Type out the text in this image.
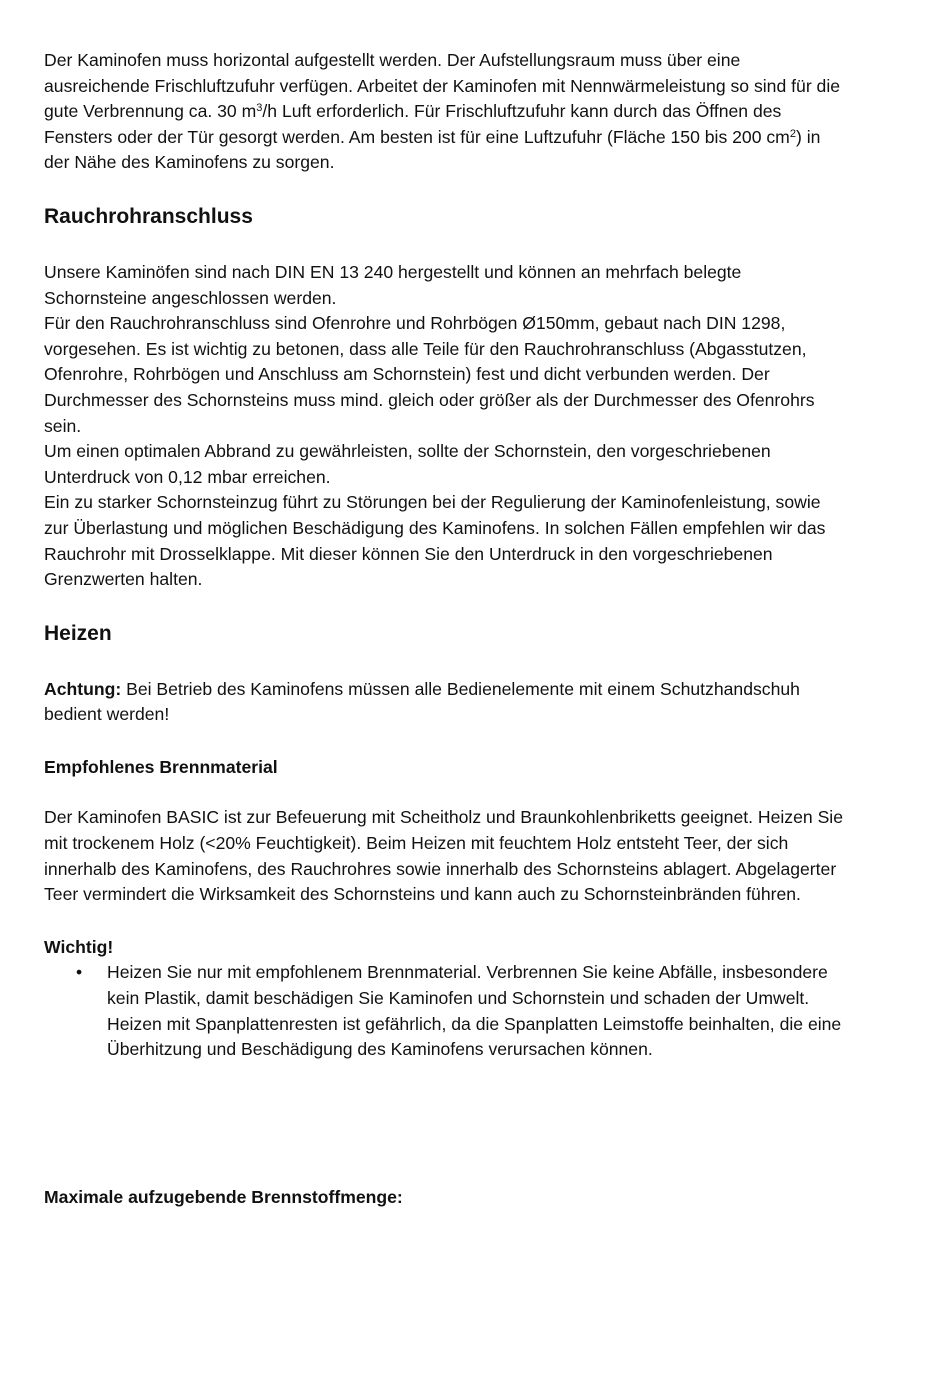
Der Kaminofen muss horizontal aufgestellt werden. Der Aufstellungsraum muss über eine ausreichende Frischluftzufuhr verfügen. Arbeitet der Kaminofen mit Nennwärmeleistung so sind für die gute Verbrennung ca. 30 $m^3/h$ Luft erforderlich. Für Frischluftzufuhr kann durch das Öffnen des Fensters oder der Tür gesorgt werden. Am besten ist für eine Luftzufuhr (Fläche 150 bis 200 $cm^2$) in der Nähe des Kaminofens zu sorgen.

Rauchrohranschluss

Unsere Kaminöfen sind nach DIN EN 13 240 hergestellt und können an mehrfach belegte Schornsteine angeschlossen werden.

Für den Rauchrohranschluss sind Ofenrohre und Rohrbögen Ø150mm, gebaut nach DIN 1298, vorgesehen. Es ist wichtig zu betonen, dass alle Teile für den Rauchrohranschluss (Abgasstutzen, Ofenrohre, Rohrbögen und Anschluss am Schornstein) fest und dicht verbunden werden. Der Durchmesser des Schornsteins muss mind. gleich oder größer als der Durchmesser des Ofenrohrs sein.

Um einen optimalen Abbrand zu gewährleisten, sollte der Schornstein, den vorgeschriebenen Unterdruck von 0,12 mbar erreichen.

Ein zu starker Schornsteinzug führt zu Störungen bei der Regulierung der Kaminofenleistung, sowie zur Überlastung und möglichen Beschädigung des Kaminofens. In solchen Fällen empfehlen wir das Rauchrohr mit Drosselklappe. Mit dieser können Sie den Unterdruck in den vorgeschriebenen Grenzwerten halten.

Heizen

Achtung: Bei Betrieb des Kaminofens müssen alle Bedienelemente mit einem Schutzhandschuh bedient werden!

Empfohlenes Brennmaterial

Der Kaminofen BASIC ist zur Befeuerung mit Scheitholz und Braunkohlenbriketts geeignet. Heizen Sie mit trockenem Holz (<20% Feuchtigkeit). Beim Heizen mit feuchtem Holz entsteht Teer, der sich innerhalb des Kaminofens, des Rauchrohres sowie innerhalb des Schornsteins ablagert. Abgelagerter Teer vermindert die Wirksamkeit des Schornsteins und kann auch zu Schornsteinbränden führen.

Wichtig!
• Heizen Sie nur mit empfohlenem Brennmaterial. Verbrennen Sie keine Abfälle, insbesondere kein Plastik, damit beschädigen Sie Kaminofen und Schornstein und schaden der Umwelt. Heizen mit Spanplattenresten ist gefährlich, da die Spanplatten Leimstoffe beinhalten, die eine Überhitzung und Beschädigung des Kaminofens verursachen können.
Maximale aufzugebende Brennstoffmenge:
